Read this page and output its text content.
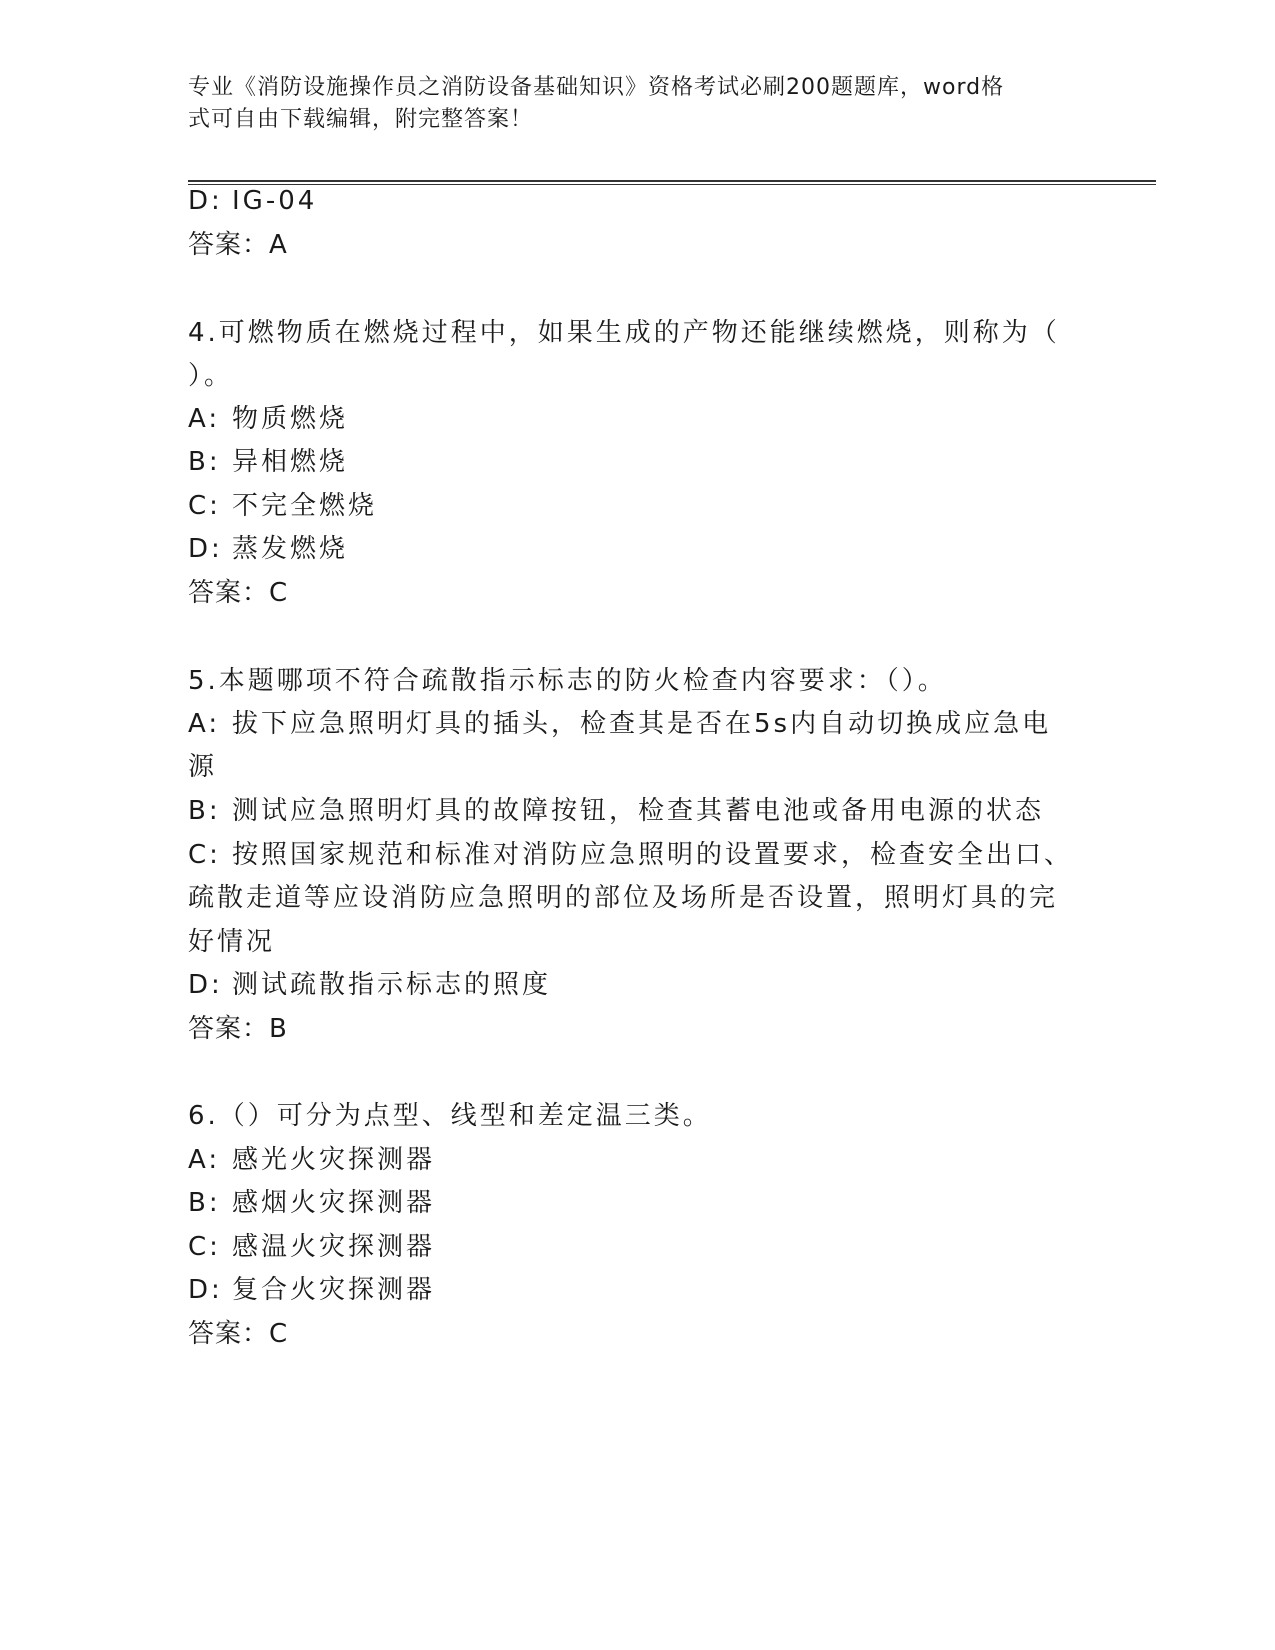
专业《消防设施操作员之消防设备基础知识》资格考试必刷200题题库，word格
式可自由下载编辑，附完整答案！
D: IG-04
答案：A
4.可燃物质在燃烧过程中，如果生成的产物还能继续燃烧，则称为（
）。
A: 物质燃烧
B: 异相燃烧
C: 不完全燃烧
D: 蒸发燃烧
答案：C
5.本题哪项不符合疏散指示标志的防火检查内容要求：（）。
A: 拔下应急照明灯具的插头，检查其是否在5s内自动切换成应急电
源
B: 测试应急照明灯具的故障按钮，检查其蓄电池或备用电源的状态
C: 按照国家规范和标准对消防应急照明的设置要求，检查安全出口、
疏散走道等应设消防应急照明的部位及场所是否设置，照明灯具的完
好情况
D: 测试疏散指示标志的照度
答案：B
6.（）可分为点型、线型和差定温三类。
A: 感光火灾探测器
B: 感烟火灾探测器
C: 感温火灾探测器
D: 复合火灾探测器
答案：C
